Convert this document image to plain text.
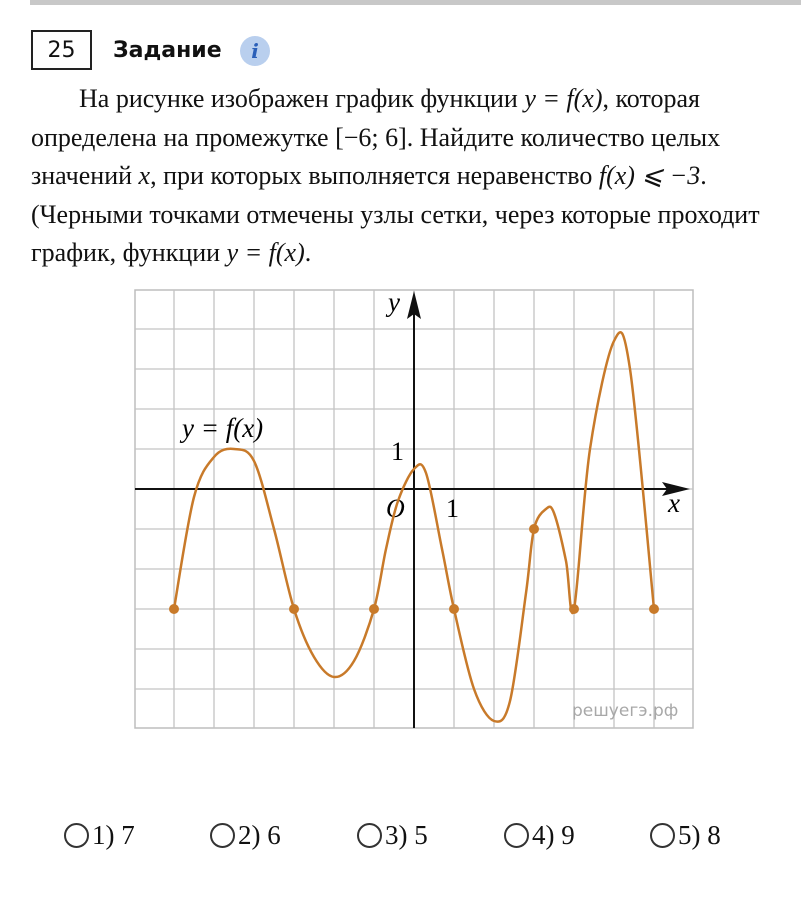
25	Задание i

На рисунке изображен график функции y = f(x), которая определена на промежутке [−6; 6]. Найдите количество целых значений x, при которых выполняется неравенство f(x) ⩽ −3. (Черными точками отмечены узлы сетки, через которые проходит график, функции y = f(x).

y
x
O 1
1
y = f(x)
решуегэ.рф
1) 7	2) 6	3) 5	4) 9	5) 8
